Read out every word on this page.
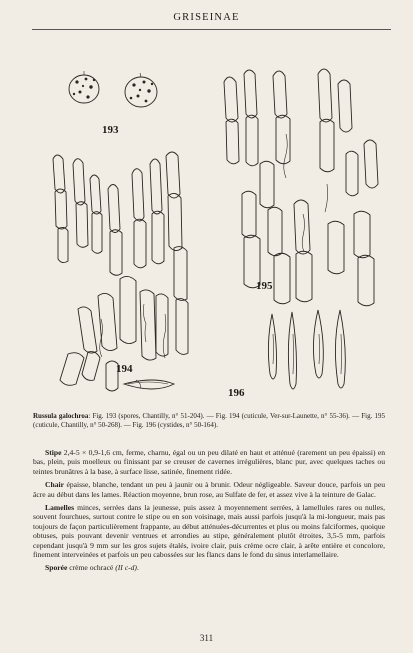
GRISEINAE
193
194
195
196
Russula galochroa: Fig. 193 (spores, Chantilly, n° 51-204). — Fig. 194 (cuticule, Ver-sur-Launette, n° 55-36). — Fig. 195 (cuticule, Chantilly, n° 50-268). — Fig. 196 (cystides, n° 50-164).

Stipe 2,4-5 × 0,9-1,6 cm, ferme, charnu, égal ou un peu dilaté en haut et atténué (rarement un peu épaissi) en bas, plein, puis moelleux ou finissant par se creuser de cavernes irrégulières, blanc pur, avec quelques taches ou teintes brunâtres à la base, à surface lisse, satinée, finement ridée.

Chair épaisse, blanche, tendant un peu à jaunir ou à brunir. Odeur négligeable. Saveur douce, parfois un peu âcre au début dans les lames. Réaction moyenne, brun rose, au Sulfate de fer, et assez vive à la teinture de Galac.

Lamelles minces, serrées dans la jeunesse, puis assez à moyennement serrées, à lamellules rares ou nulles, souvent fourchues, surtout contre le stipe ou en son voisinage, mais aussi parfois jusqu'à la mi-longueur, mais pas toujours de façon particulièrement frappante, au début atténuées-décurrentes et plus ou moins falciformes, quoique obtuses, puis pouvant devenir ventrues et arrondies au stipe, généralement plutôt étroites, 3,5-5 mm, parfois cependant jusqu'à 9 mm sur les gros sujets étalés, ivoire clair, puis crème ocre clair, à arête entière et concolore, finement interveinées et parfois un peu cabossées sur les flancs dans le fond du sinus interlamellaire.

Sporée crème ochracé (II c-d).

311
